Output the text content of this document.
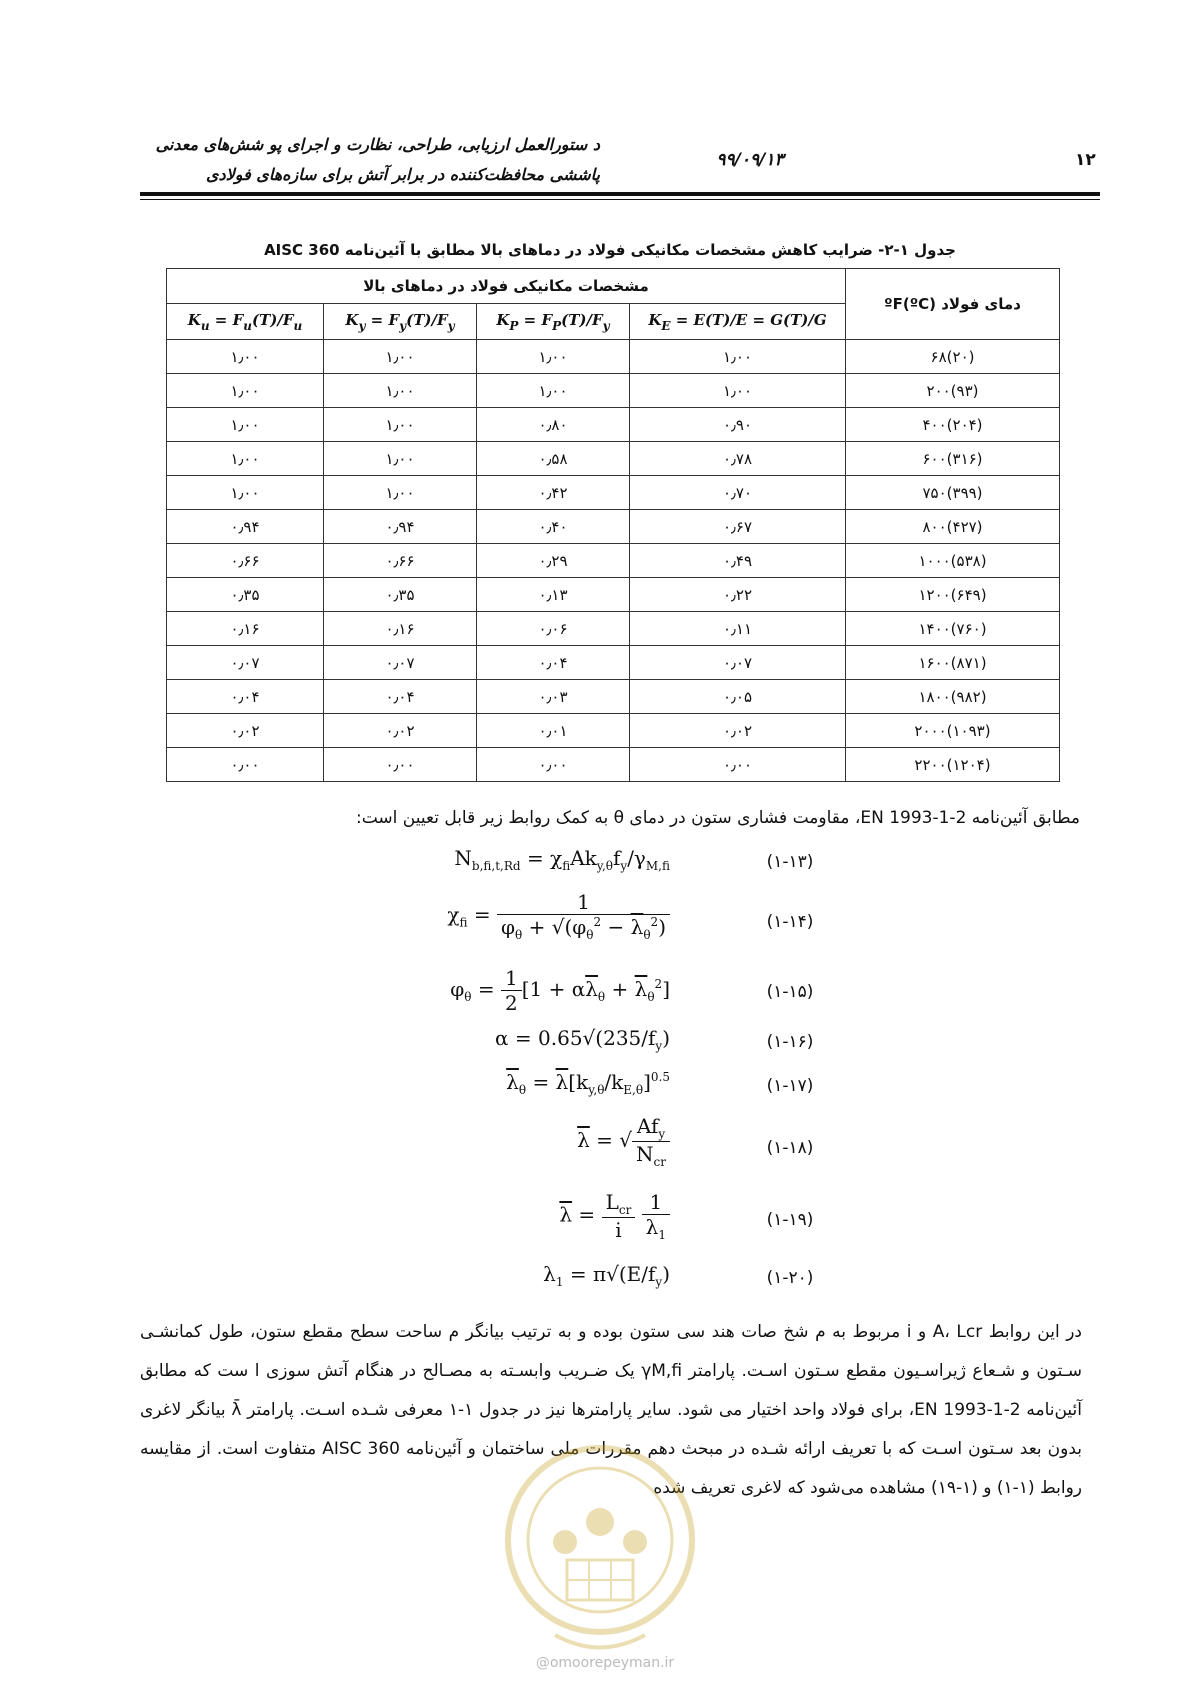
۱۲
۹۹/۰۹/۱۳
د ستورالعمل ارزیابی، طراحی، نظارت و اجرای پو شش‌های معدنی
پاششی محافظت‌کننده در برابر آتش برای سازه‌های فولادی
جدول ۱-۲- ضرایب کاهش مشخصات مکانیکی فولاد در دماهای بالا مطابق با آئین‌نامه AISC 360
مشخصات مکانیکی فولاد در دماهای بالا				دمای فولاد (ºC)ºF
$K_u = F_u(T)/F_u$	$K_y = F_y(T)/F_y$	$K_P = F_P(T)/F_y$	$K_E = E(T)/E = G(T)/G$	
۱٫۰۰	۱٫۰۰	۱٫۰۰	۱٫۰۰	۶۸(۲۰)
۱٫۰۰	۱٫۰۰	۱٫۰۰	۱٫۰۰	۲۰۰(۹۳)
۱٫۰۰	۱٫۰۰	۰٫۸۰	۰٫۹۰	۴۰۰(۲۰۴)
۱٫۰۰	۱٫۰۰	۰٫۵۸	۰٫۷۸	۶۰۰(۳۱۶)
۱٫۰۰	۱٫۰۰	۰٫۴۲	۰٫۷۰	۷۵۰(۳۹۹)
۰٫۹۴	۰٫۹۴	۰٫۴۰	۰٫۶۷	۸۰۰(۴۲۷)
۰٫۶۶	۰٫۶۶	۰٫۲۹	۰٫۴۹	۱۰۰۰(۵۳۸)
۰٫۳۵	۰٫۳۵	۰٫۱۳	۰٫۲۲	۱۲۰۰(۶۴۹)
۰٫۱۶	۰٫۱۶	۰٫۰۶	۰٫۱۱	۱۴۰۰(۷۶۰)
۰٫۰۷	۰٫۰۷	۰٫۰۴	۰٫۰۷	۱۶۰۰(۸۷۱)
۰٫۰۴	۰٫۰۴	۰٫۰۳	۰٫۰۵	۱۸۰۰(۹۸۲)
۰٫۰۲	۰٫۰۲	۰٫۰۱	۰٫۰۲	۲۰۰۰(۱۰۹۳)
۰٫۰۰	۰٫۰۰	۰٫۰۰	۰٫۰۰	۲۲۰۰(۱۲۰۴)
مطابق آئین‌نامه EN 1993-1-2، مقاومت فشاری ستون در دمای θ به کمک روابط زیر قابل تعیین است:
$N_{b,fi,t,Rd} = \chi_{fi}Ak_{y,\theta}f_y/\gamma_{M,fi}$	(۱-۱۳)
$\chi_{fi} = \frac{1}{\varphi_\theta + √(\varphi_\theta^2 - \overline{\lambda}_\theta^2)}$	(۱-۱۴)
$\varphi_\theta = \frac{1}{2} [1 + \alpha\overline{\lambda}_\theta + \overline{\lambda}_\theta^2]$	(۱-۱۵)
$\alpha = 0.65√(235/f_y)$	(۱-۱۶)
$\overline{\lambda}_\theta = \overline{\lambda}[k_{y,\theta}/k_{E,\theta}]^{0.5}$	(۱-۱۷)
$\overline{\lambda}$ = √ $\frac{Af_y}{N_{cr}}$	(۱-۱۸)
$\overline{\lambda} = \frac{L_{cr}}{i}$
$\frac{1}{\lambda_1}$	(۱-۱۹)
$\lambda_1 = \pi√(E/f_y)$	(۱-۲۰)

در این روابط A، Lcr و i مربوط به م شخ صات هند سی ستون بوده و به ترتیب بیانگر م ساحت سطح مقطع ستون، طول کمانشـی سـتون و شـعاع ژیراسـیون مقطع سـتون اسـت. پارامتر γM,fi یک ضـریب وابسـته به مصـالح در هنگام آتش سوزی ا ست که مطابق آئین‌نامه EN 1993-1-2، برای فولاد واحد اختیار می شود. سایر پارامترها نیز در جدول ۱-۱ معرفی شـده اسـت. پارامتر λ̄ بیانگر لاغری بدون بعد سـتون اسـت که با تعریف ارائه شـده در مبحث دهم مقررات ملی ساختمان و آئین‌نامه AISC 360 متفاوت است. از مقایسه روابط (۱-۱) و (۱-۱۹) مشاهده می‌شود که لاغری تعریف شده

@omoorepeyman.ir
